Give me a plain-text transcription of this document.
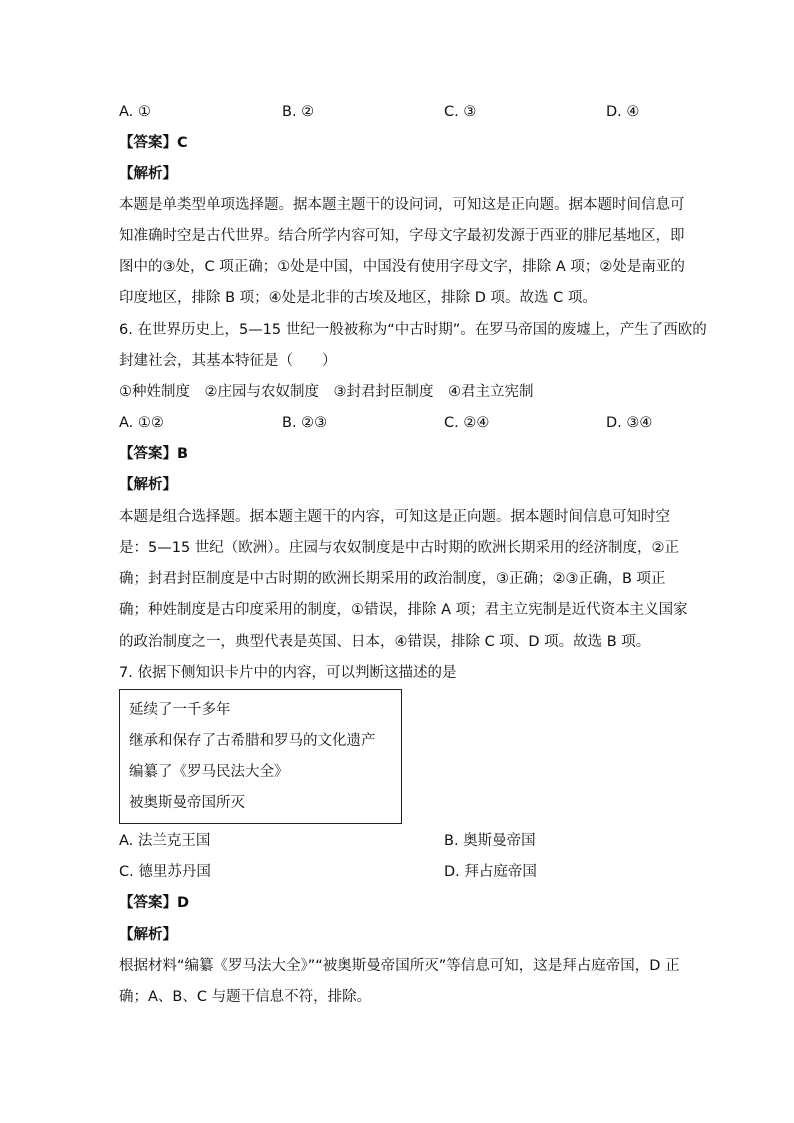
A. ①	B. ②	C. ③	D. ④
【答案】C
【解析】
本题是单类型单项选择题。据本题主题干的设问词，可知这是正向题。据本题时间信息可
知准确时空是古代世界。结合所学内容可知，字母文字最初发源于西亚的腓尼基地区，即
图中的③处，C 项正确；①处是中国，中国没有使用字母文字，排除 A 项；②处是南亚的
印度地区，排除 B 项；④处是北非的古埃及地区，排除 D 项。故选 C 项。
6. 在世界历史上，5—15 世纪一般被称为“中古时期”。在罗马帝国的废墟上，产生了西欧的
封建社会，其基本特征是（　　）
①种姓制度　②庄园与农奴制度　③封君封臣制度　④君主立宪制
A. ①②	B. ②③	C. ②④	D. ③④
【答案】B
【解析】
本题是组合选择题。据本题主题干的内容，可知这是正向题。据本题时间信息可知时空
是：5—15 世纪（欧洲）。庄园与农奴制度是中古时期的欧洲长期采用的经济制度，②正
确；封君封臣制度是中古时期的欧洲长期采用的政治制度，③正确；②③正确，B 项正
确；种姓制度是古印度采用的制度，①错误，排除 A 项；君主立宪制是近代资本主义国家
的政治制度之一，典型代表是英国、日本，④错误，排除 C 项、D 项。故选 B 项。
7. 依据下侧知识卡片中的内容，可以判断这描述的是
延续了一千多年
继承和保存了古希腊和罗马的文化遗产
编纂了《罗马民法大全》
被奥斯曼帝国所灭
A. 法兰克王国	B. 奥斯曼帝国
C. 德里苏丹国	D. 拜占庭帝国
【答案】D
【解析】
根据材料“编纂《罗马法大全》”“被奥斯曼帝国所灭”等信息可知，这是拜占庭帝国，D 正
确；A、B、C 与题干信息不符，排除。
